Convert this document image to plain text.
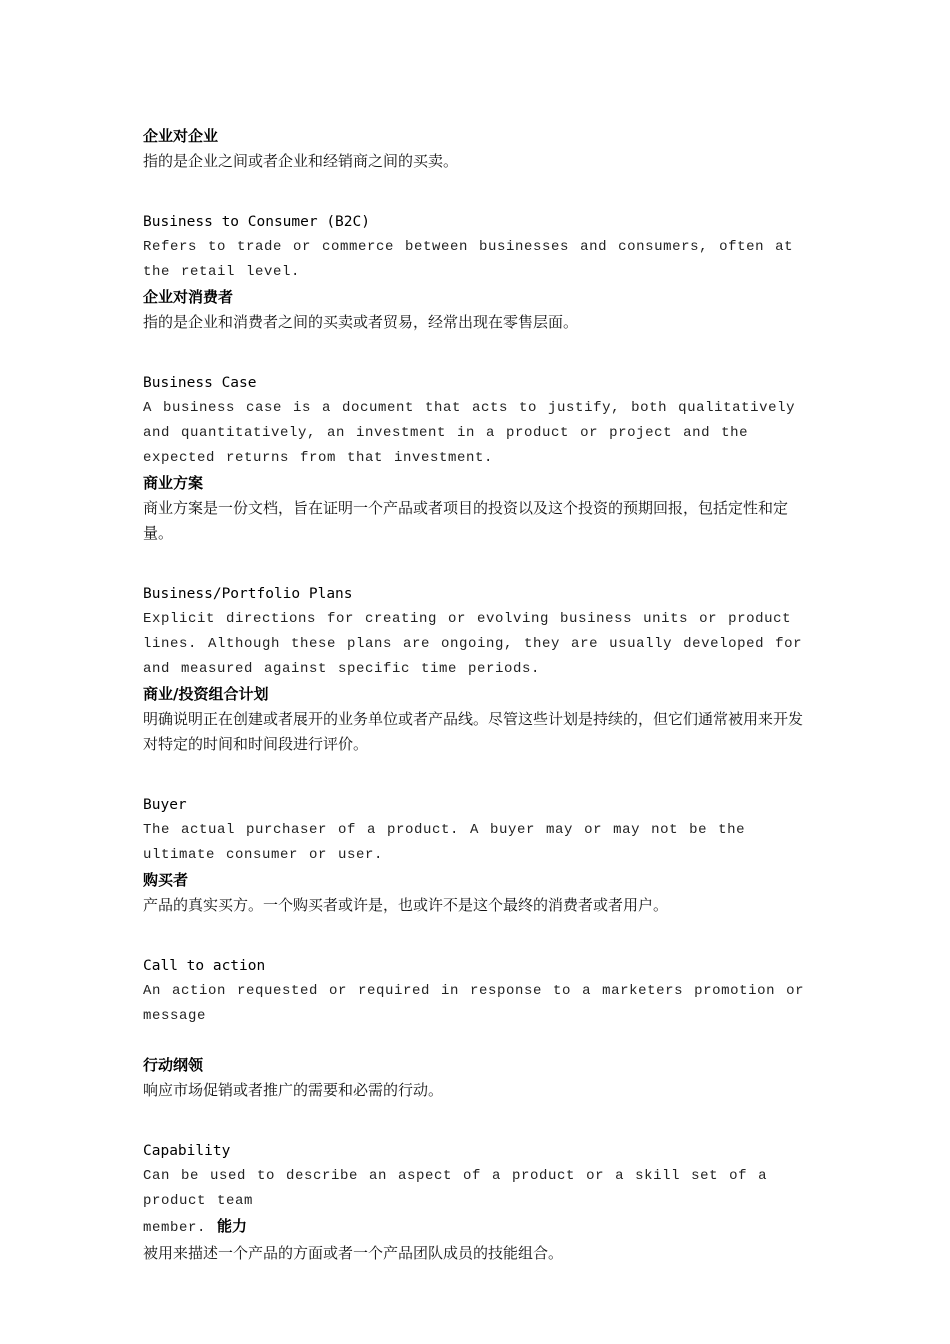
企业对企业
指的是企业之间或者企业和经销商之间的买卖。
Business to Consumer (B2C)
Refers to trade or commerce between businesses and consumers, often at the retail level.
企业对消费者
指的是企业和消费者之间的买卖或者贸易，经常出现在零售层面。
Business Case
A business case is a document that acts to justify, both qualitatively and quantitatively, an investment in a product or project and the expected returns from that investment.
商业方案
商业方案是一份文档，旨在证明一个产品或者项目的投资以及这个投资的预期回报，包括定性和定量。
Business/Portfolio Plans
Explicit directions for creating or evolving business units or product lines. Although these plans are ongoing, they are usually developed for and measured against specific time periods.
商业/投资组合计划
明确说明正在创建或者展开的业务单位或者产品线。尽管这些计划是持续的，但它们通常被用来开发对特定的时间和时间段进行评价。
Buyer
The actual purchaser of a product. A buyer may or may not be the ultimate consumer or user.
购买者
产品的真实买方。一个购买者或许是，也或许不是这个最终的消费者或者用户。
Call to action
An action requested or required in response to a marketers promotion or message
行动纲领
响应市场促销或者推广的需要和必需的行动。
Capability
Can be used to describe an aspect of a product or a skill set of a product team
member. 能力
被用来描述一个产品的方面或者一个产品团队成员的技能组合。
